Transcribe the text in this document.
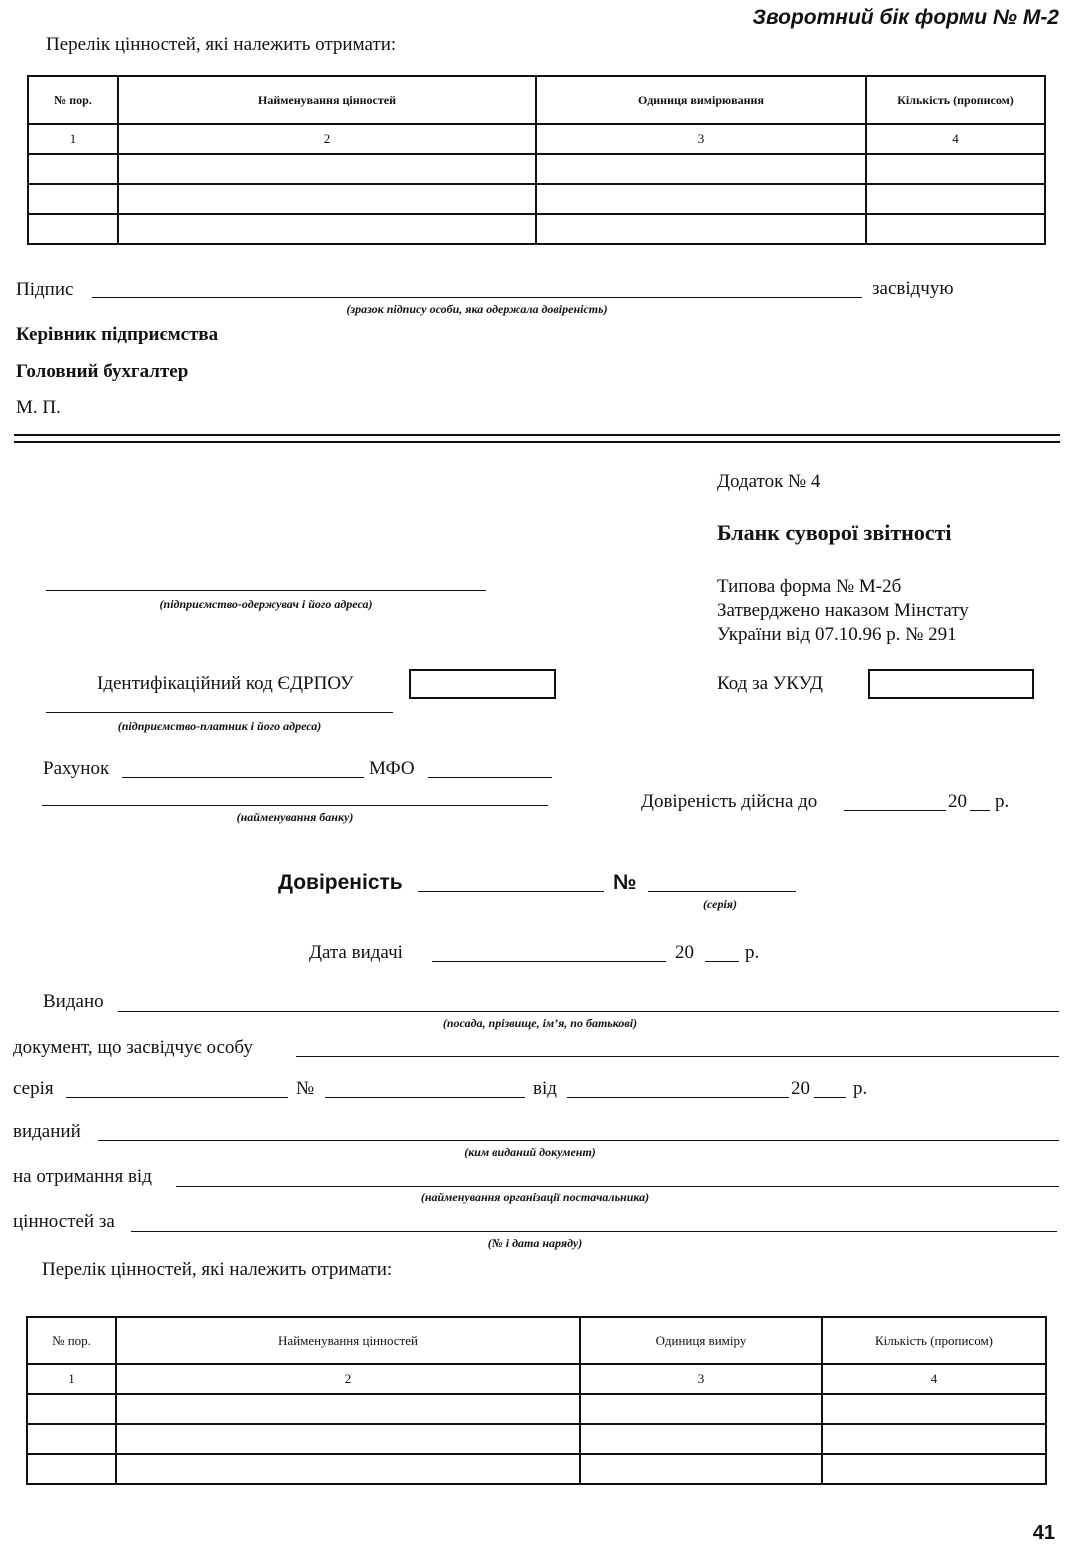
Зворотний бік форми № М-2
Перелік цінностей, які належить отримати:
№ пор.	Найменування цінностей	Одиниця вимірювання	Кількість (прописом)
1	2	3	4

Підпис	засвідчую
(зразок підпису особи, яка одержала довіреність)
Керівник підприємства
Головний бухгалтер
М. П.
Додаток № 4
Бланк суворої звітності
Типова форма № М-2б
Затверджено наказом Мінстату
України від 07.10.96 р. № 291
(підприємство-одержувач і його адреса)
Ідентифікаційний код ЄДРПОУ	Код за УКУД
(підприємство-платник і його адреса)
Рахунок	МФО
(найменування банку)
Довіреність дійсна до	20 р.
Довіреність	№
(серія)
Дата видачі	20	р.
Видано
(посада, прізвище, ім’я, по батькові)
документ, що засвідчує особу
серія	№	від	20 р.
виданий
(ким виданий документ)
на отримання від
(найменування організації постачальника)
цінностей за
(№ і дата наряду)
Перелік цінностей, які належить отримати:
№ пор.	Найменування цінностей	Одиниця виміру	Кількість (прописом)
1	2	3	4

41
